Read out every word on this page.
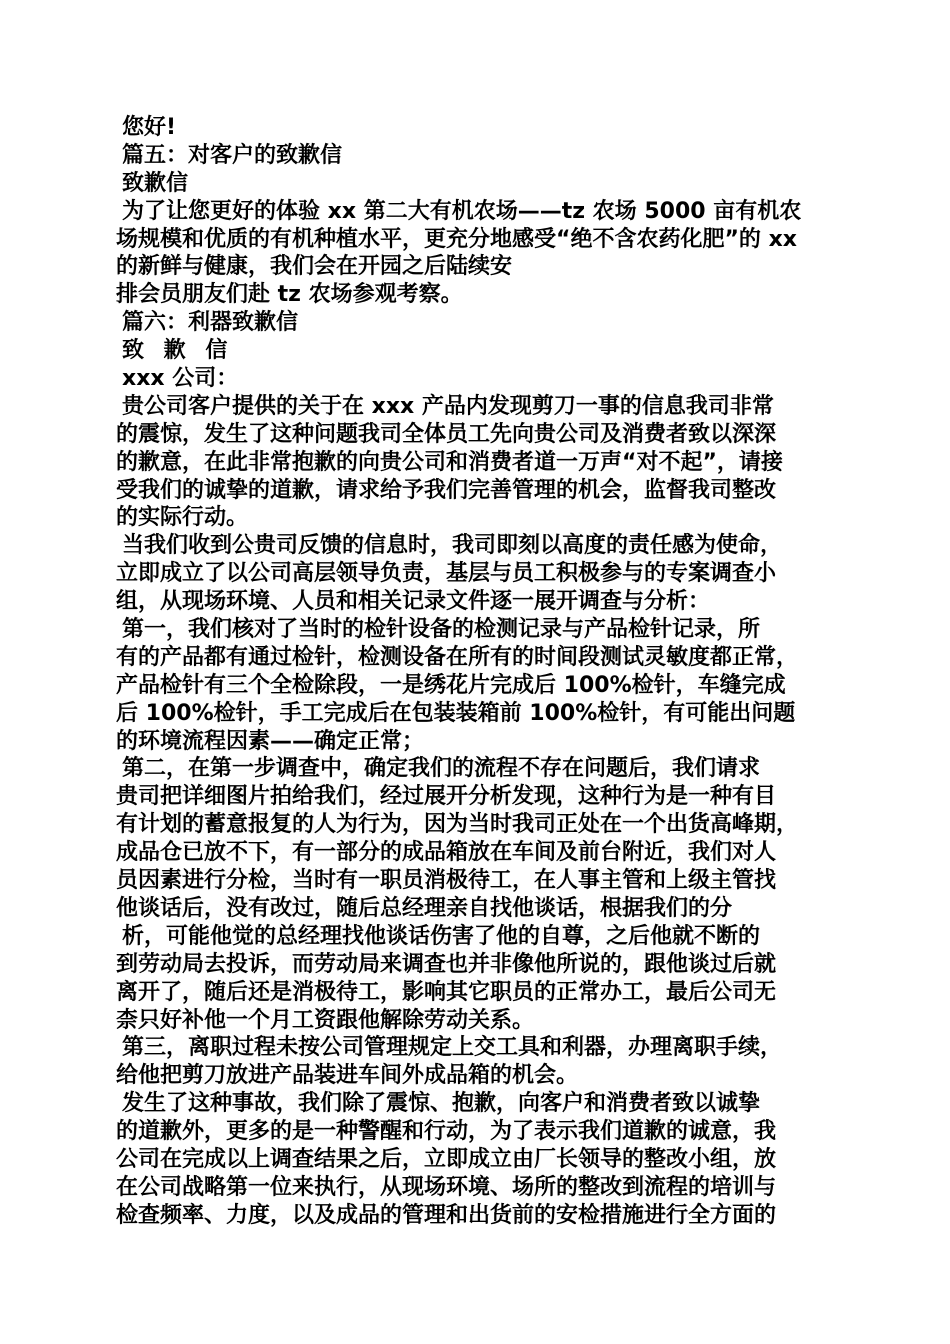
您好!
篇五：对客户的致歉信
致歉信
为了让您更好的体验 xx 第二大有机农场——tz 农场 5000 亩有机农
场规模和优质的有机种植水平，更充分地感受“绝不含农药化肥”的 xx
的新鲜与健康，我们会在开园之后陆续安
排会员朋友们赴 tz 农场参观考察。
篇六：利器致歉信
致 歉 信
xxx 公司：
贵公司客户提供的关于在 xxx 产品内发现剪刀一事的信息我司非常
的震惊，发生了这种问题我司全体员工先向贵公司及消费者致以深深
的歉意，在此非常抱歉的向贵公司和消费者道一万声“对不起”，请接
受我们的诚挚的道歉，请求给予我们完善管理的机会，监督我司整改
的实际行动。
当我们收到公贵司反馈的信息时，我司即刻以高度的责任感为使命，
立即成立了以公司高层领导负责，基层与员工积极参与的专案调查小
组，从现场环境、人员和相关记录文件逐一展开调查与分析：
第一，我们核对了当时的检针设备的检测记录与产品检针记录，所
有的产品都有通过检针，检测设备在所有的时间段测试灵敏度都正常，
产品检针有三个全检除段，一是绣花片完成后 100%检针，车缝完成
后 100%检针，手工完成后在包装装箱前 100%检针，有可能出问题
的环境流程因素——确定正常；
第二，在第一步调查中，确定我们的流程不存在问题后，我们请求
贵司把详细图片拍给我们，经过展开分析发现，这种行为是一种有目
有计划的蓄意报复的人为行为，因为当时我司正处在一个出货高峰期，
成品仓已放不下，有一部分的成品箱放在车间及前台附近，我们对人
员因素进行分检，当时有一职员消极待工，在人事主管和上级主管找
他谈话后，没有改过，随后总经理亲自找他谈话，根据我们的分
析，可能他觉的总经理找他谈话伤害了他的自尊，之后他就不断的
到劳动局去投诉，而劳动局来调查也并非像他所说的，跟他谈过后就
离开了，随后还是消极待工，影响其它职员的正常办工，最后公司无
柰只好补他一个月工资跟他解除劳动关系。
第三，离职过程未按公司管理规定上交工具和利器，办理离职手续，
给他把剪刀放进产品装进车间外成品箱的机会。
发生了这种事故，我们除了震惊、抱歉，向客户和消费者致以诚挚
的道歉外，更多的是一种警醒和行动，为了表示我们道歉的诚意，我
公司在完成以上调查结果之后，立即成立由厂长领导的整改小组，放
在公司战略第一位来执行，从现场环境、场所的整改到流程的培训与
检查频率、力度，以及成品的管理和出货前的安检措施进行全方面的
